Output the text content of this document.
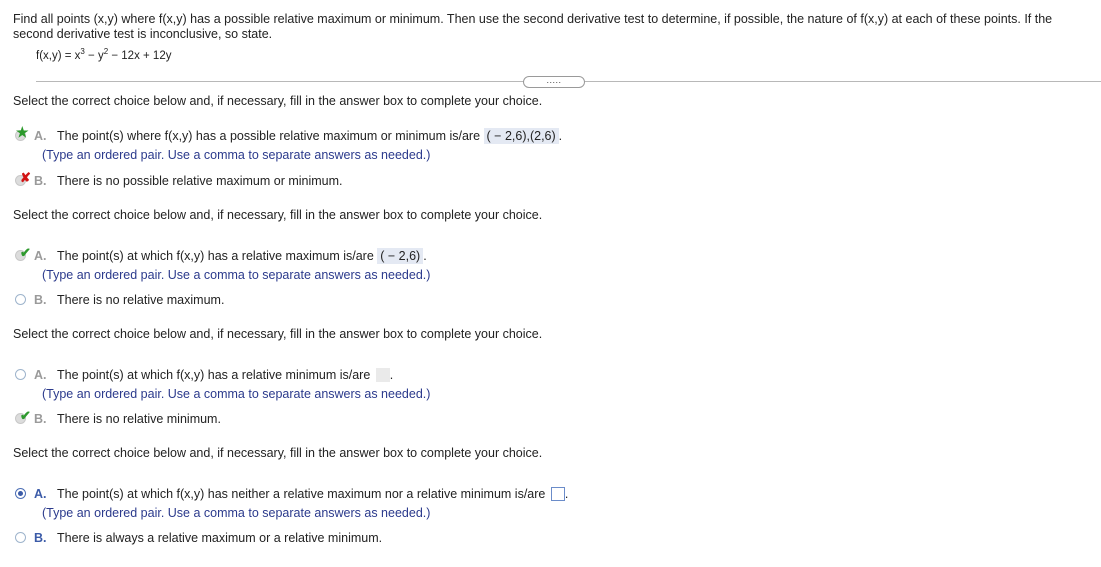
Find all points (x,y) where f(x,y) has a possible relative maximum or minimum. Then use the second derivative test to determine, if possible, the nature of f(x,y) at each of these points. If the second derivative test is inconclusive, so state.
$f(x,y) = x^3 - y^2 - 12x + 12y$
.....
Select the correct choice below and, if necessary, fill in the answer box to complete your choice.
★ A. The point(s) where f(x,y) has a possible relative maximum or minimum is/are ( − 2,6),(2,6) .
(Type an ordered pair. Use a comma to separate answers as needed.)
✘ B. There is no possible relative maximum or minimum.
Select the correct choice below and, if necessary, fill in the answer box to complete your choice.
✔ A. The point(s) at which f(x,y) has a relative maximum is/are ( − 2,6) .
(Type an ordered pair. Use a comma to separate answers as needed.)
B. There is no relative maximum.
Select the correct choice below and, if necessary, fill in the answer box to complete your choice.
A. The point(s) at which f(x,y) has a relative minimum is/are .
(Type an ordered pair. Use a comma to separate answers as needed.)
✔ B. There is no relative minimum.
Select the correct choice below and, if necessary, fill in the answer box to complete your choice.
A. The point(s) at which f(x,y) has neither a relative maximum nor a relative minimum is/are .
(Type an ordered pair. Use a comma to separate answers as needed.)
B. There is always a relative maximum or a relative minimum.
